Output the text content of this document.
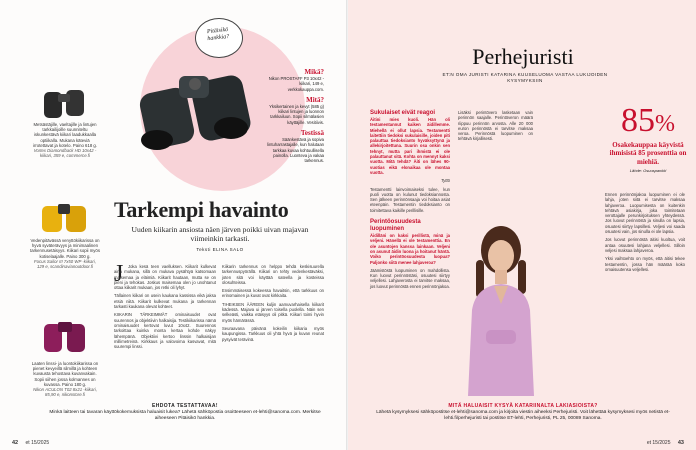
Pitäisikö hankkia?
Mikä?
Nikon PROSTAFF P3 10x42 -kiikari, 149 e, verkkokauppa.com.
Mitä?
Yksikertainen ja kevyt (585 g) kiikari lintujen ja luonnon tarkkailuun. Sopii silmälasien käyttäjille. Vesitiivis.
Testissä
Säänkestävä ja sopiva lintuharrastajalle, kun halutaan tarkkaa kuvaa kohtuullisella painolla. Luonteva ja vakaa tarkennus.
Metsästäjille, vaeltajille ja lintujen tarkkailijoille suunniteltu iskunkestävä kiikari laadukkaalla optiikalla. Mukana käteviä irrotettavat ja kotelo. Paino 618 g.
Vortex Diamondback HD 10x42 -kiikari, 359 e, commerce.fi
Vedenpitävässä venyttökiikarissa on hyvä syväterävyys ja minimaalinen tarkennusetäisyys. Kiikari sopii myös kotiselaajalle. Paino 300 g.
Focus Sailor III 7x50 WP -kiikari, 129 e, scandinavianoutdoor.fi
Laaten linssi- ja luontokiikarissa on pienet kevyeillä silmillä ja kohteen kuvausta tehostava kuvanvakain. Sopii siihen jossa kolmannes on kuvassa. Paino 180 g.
Nikon ACULON T02 8x21 -kiikari, 85,90 e, nikonstore.fi
Tarkempi havainto
Uuden kiikarin ansiosta näen järven poikki uivan majavan viimeinkin tarkasti.
Teksti ELINA SALO
J	Joka kesä teen vaelluksen. Kiikarit kulkevat aina mukana, sillä on mukava pysähtyä katsomaan maisemaa ja eläimiä. Kiikarit hautaan, mutta se on pieni ja tehokas. Joskus maisemaa olen jo unohtanut ottaa kiikarit mukaan, jos retki oli lyhyt.

Tällainen kiikari on usein kaukana kassissa eikä jaksa etsiä niitä. Kiikarit kulkevat mukana ja tarkennan tarkasti kaukana olevat kohteet.

KIIKARIN TÄRKEIMMÄT ominaisuudet ovat suurennos ja objektiivin halkaisija. Testikiikarissa nämä ominaisuudet kertovat luvut 10x42. Suurennos tarkoittaa kuinka monta kertaa kohde näkyy lähempänä. Objektiivi kertoo linssin halkaisijan millimetreinä. Kirkkaus ja valovoima kasvavat, mitä suurempi linssi.

Kiikarin tarkennus on helppo tehdä keskisuurella tarkennuspyörällä. Kiikari on tehty vedenkestäväksi, joten sitä voi käyttää sateella ja kosteissa olosuhteissa.

Ensimmäisessä kokeessa havaitsin, että tarkkuus on erinomainen ja kuvat ovat kirkkaita.

TIHEIKSEN ÄÄREEN kuljin aamuvarhaisella kiikarit kädessä. Majava ui järven toisella puolella. Näin sen selkeästi, vaikka etäisyys oli pitkä. Kiikari toimi hyvin myös hämärässä.

Seuraavana päivänä kokeilin kiikaria myös kaupungissa. Tarkkuus oli yhtä hyvä ja kuvan reunat pysyivät terävinä.

EHDOTA TESTATTAVAA!
Minkä laitteen tai tavaran käyttökokemuksista haluaisit lukea? Lähetä sähköpostia osoitteeseen et-lehti@sanoma.com. Merkitse aiheeseen Pitäisikö hankkia.
42 et 15/2025
Perhejuristi
ET:N OMA JURISTI KATARINA KUUSELUOMA VASTAA LUKIJOIDEN KYSYMYKSIIN
85%
Osakekauppaa käyvistä ihmisistä 85 prosenttia on miehiä.
Lähde: Osuuspankki
Sukulaiset eivät reagoi

Äitini mies kuoli. Hän oli testamentannut kaiken äidillemme. Miehellä ei ollut lapsia. Testamentti laitettiin tiedoksi sukulaisille, joiden piti palauttaa tiedoksianto hyväksyttynä ja allekirjoitettuna. Suurin osa onkin sen tehnyt, mutta pari ihmistä ei ole palauttanut sitä. Kohta on mennyt kaksi vuotta. Mitä tehdä? Äiti on lähes 90-vuotias eikä elonaikaa ole montaa vuotta.

Tyttö

Testamentti lainvoimaiseksi tulee, kun puoli vuotta on kulunut tiedoksiannosta. Sen jälkeen perinnönsaaja voi hoitaa asiat eteenpäin. Testamentin tiedoksianto on toimitettava kaikille perillisille.

Perintöosuudesta luopuminen

Äidilläni on kaksi perillistä, minä ja veljeni. Hänellä ei ole testamenttia. En ole asuntojen kanssa lainkaan. Veljeni on asunut äidin luona ja hoitanut häntä. Voiko perintöosuudesta luopua? Paljonko siitä menee lahjaveroa?

Jäämistöstä luopuminen on mahdollista. Kun luovut perinnöstäsi, osuutesi siirtyy veljellesi. Lahjaverosta ei tarvitse maksaa, jos luovut perinnöstä ennen perinnönjakoa.

Lisäksi perintövero lasketaan vain perinnön saajalle. Perintöveron määrä riippuu perinnön arvosta. Alle 20 000 euron perinnöstä ei tarvitse maksaa veroa. Perinnöstä luopuminen on tehtävä kirjallisesti.

Ennen perinnönjakoa luopuminen ei ole lahja, joten siitä ei tarvitse maksaa lahjaveroa. Luopumisesta on kuitenkin tehtävä asiakirja, joka toimitetaan verottajalle perunkirjoituksen yhteydessä. Jos luovut perinnöstä ja sinulla on lapsia, osuutesi siirtyy lapsillesi. Veljesi voi saada osuutesi vain, jos sinulla ei ole lapsia.

Jos luovut perinnöstä äitisi kuoltua, voit antaa osuutesi lahjana veljellesi. Silloin veljesi maksaa lahjaveroa.

Yksi vaihtoehto on myös, että äitisi tekee testamentin, jossa hän määrää koko omaisuutensa veljellesi.

MITÄ HALUAISIT KYSYÄ KATARIINALTA LAKIASIOISTA?
Lähetä kysymyksesi sähköpostitse et-lehti@sanoma.com ja kirjoita viestin aiheeksi Perhejuristi. Voit lähettää kysymyksesi myös netistä et-lehti.fi/perhejuristi tai postitse ET-lehti, Perhejuristi, PL 25, 00089 Sanoma.
et 15/2025 43
